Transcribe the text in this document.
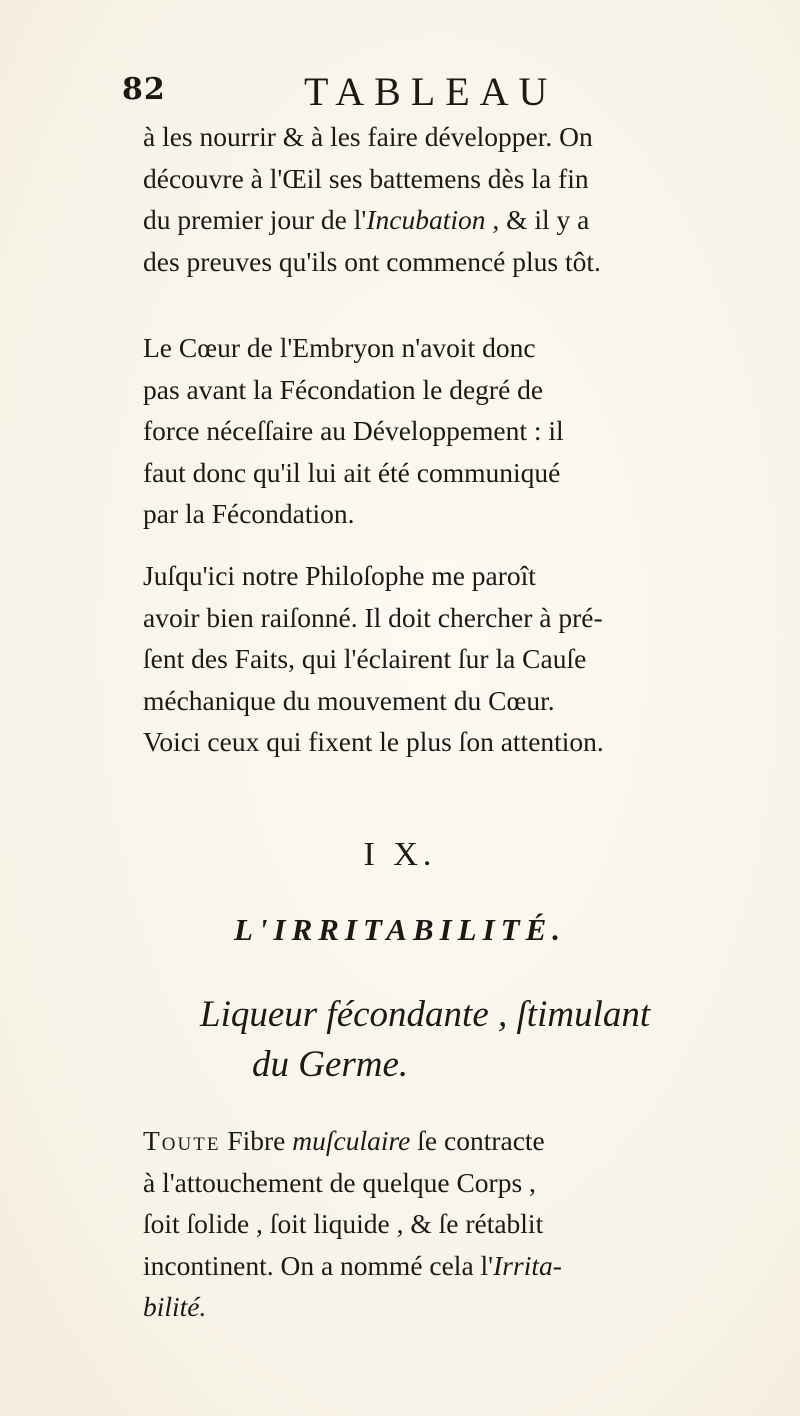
82	TABLEAU
à les nourrir & à les faire développer. On
découvre à l'Œil ses battemens dès la fin
du premier jour de l'Incubation , & il y a
des preuves qu'ils ont commencé plus tôt.
Le Cœur de l'Embryon n'avoit donc
pas avant la Fécondation le degré de
force néceſſaire au Développement : il
faut donc qu'il lui ait été communiqué
par la Fécondation.
Juſqu'ici notre Philoſophe me paroît
avoir bien raiſonné. Il doit chercher à pré-
ſent des Faits, qui l'éclairent ſur la Cauſe
méchanique du mouvement du Cœur.
Voici ceux qui fixent le plus ſon attention.
I X.
L'IRRITABILITÉ.
Liqueur fécondante , ſtimulant
du Germe.
Toute Fibre muſculaire ſe contracte
à l'attouchement de quelque Corps ,
ſoit ſolide , ſoit liquide , & ſe rétablit
incontinent. On a nommé cela l'Irrita-
bilité.
